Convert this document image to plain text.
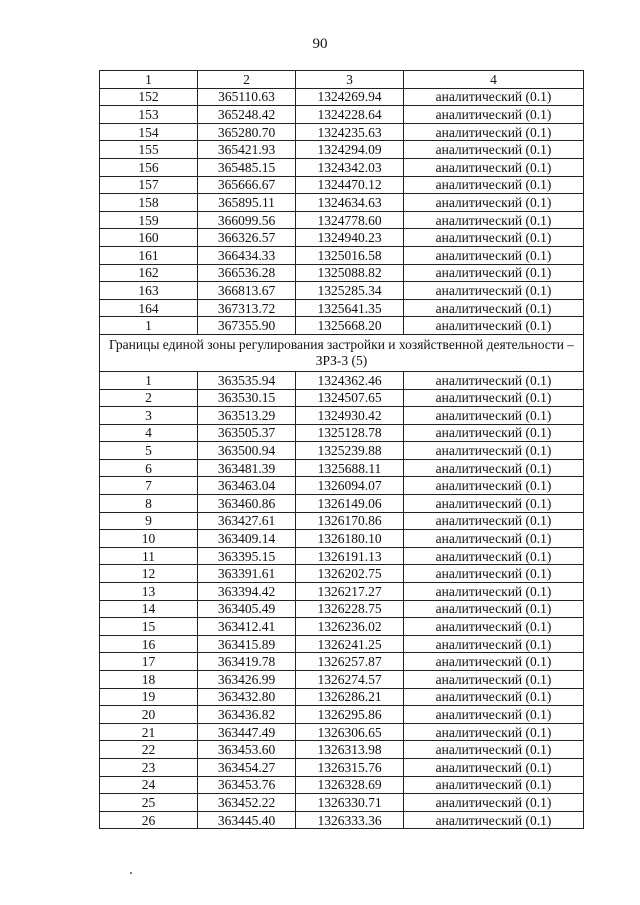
90
1	2	3	4
152	365110.63	1324269.94	аналитический (0.1)
153	365248.42	1324228.64	аналитический (0.1)
154	365280.70	1324235.63	аналитический (0.1)
155	365421.93	1324294.09	аналитический (0.1)
156	365485.15	1324342.03	аналитический (0.1)
157	365666.67	1324470.12	аналитический (0.1)
158	365895.11	1324634.63	аналитический (0.1)
159	366099.56	1324778.60	аналитический (0.1)
160	366326.57	1324940.23	аналитический (0.1)
161	366434.33	1325016.58	аналитический (0.1)
162	366536.28	1325088.82	аналитический (0.1)
163	366813.67	1325285.34	аналитический (0.1)
164	367313.72	1325641.35	аналитический (0.1)
1	367355.90	1325668.20	аналитический (0.1)
Границы единой зоны регулирования застройки и хозяйственной деятельности – ЗРЗ-3 (5)			
1	363535.94	1324362.46	аналитический (0.1)
2	363530.15	1324507.65	аналитический (0.1)
3	363513.29	1324930.42	аналитический (0.1)
4	363505.37	1325128.78	аналитический (0.1)
5	363500.94	1325239.88	аналитический (0.1)
6	363481.39	1325688.11	аналитический (0.1)
7	363463.04	1326094.07	аналитический (0.1)
8	363460.86	1326149.06	аналитический (0.1)
9	363427.61	1326170.86	аналитический (0.1)
10	363409.14	1326180.10	аналитический (0.1)
11	363395.15	1326191.13	аналитический (0.1)
12	363391.61	1326202.75	аналитический (0.1)
13	363394.42	1326217.27	аналитический (0.1)
14	363405.49	1326228.75	аналитический (0.1)
15	363412.41	1326236.02	аналитический (0.1)
16	363415.89	1326241.25	аналитический (0.1)
17	363419.78	1326257.87	аналитический (0.1)
18	363426.99	1326274.57	аналитический (0.1)
19	363432.80	1326286.21	аналитический (0.1)
20	363436.82	1326295.86	аналитический (0.1)
21	363447.49	1326306.65	аналитический (0.1)
22	363453.60	1326313.98	аналитический (0.1)
23	363454.27	1326315.76	аналитический (0.1)
24	363453.76	1326328.69	аналитический (0.1)
25	363452.22	1326330.71	аналитический (0.1)
26	363445.40	1326333.36	аналитический (0.1)
